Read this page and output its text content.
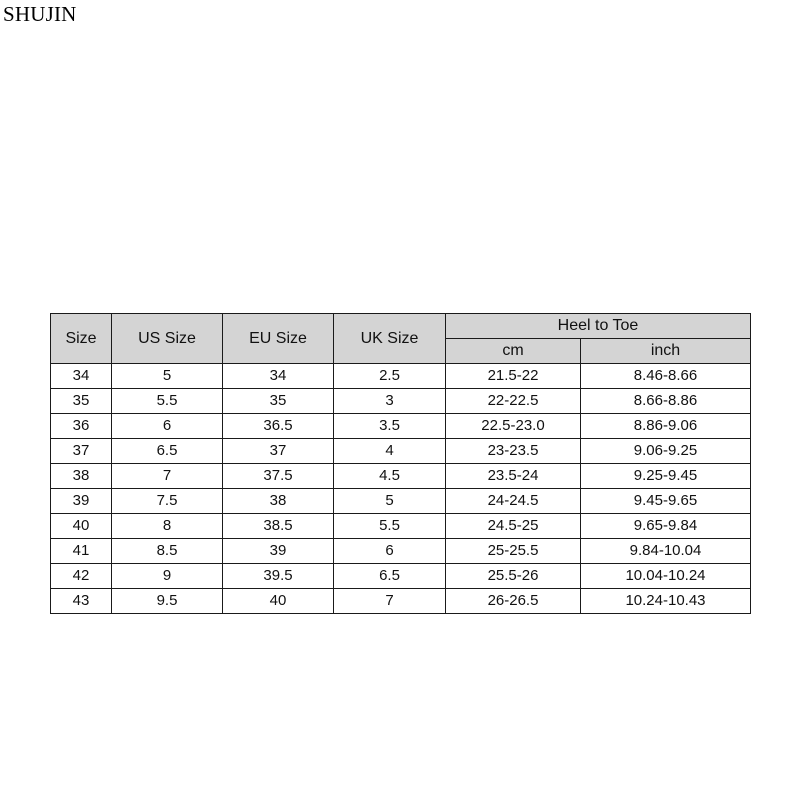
SHUJIN
Size	US Size	EU Size	UK Size	Heel to Toe	
				cm	inch
34	5	34	2.5	21.5-22	8.46-8.66
35	5.5	35	3	22-22.5	8.66-8.86
36	6	36.5	3.5	22.5-23.0	8.86-9.06
37	6.5	37	4	23-23.5	9.06-9.25
38	7	37.5	4.5	23.5-24	9.25-9.45
39	7.5	38	5	24-24.5	9.45-9.65
40	8	38.5	5.5	24.5-25	9.65-9.84
41	8.5	39	6	25-25.5	9.84-10.04
42	9	39.5	6.5	25.5-26	10.04-10.24
43	9.5	40	7	26-26.5	10.24-10.43
